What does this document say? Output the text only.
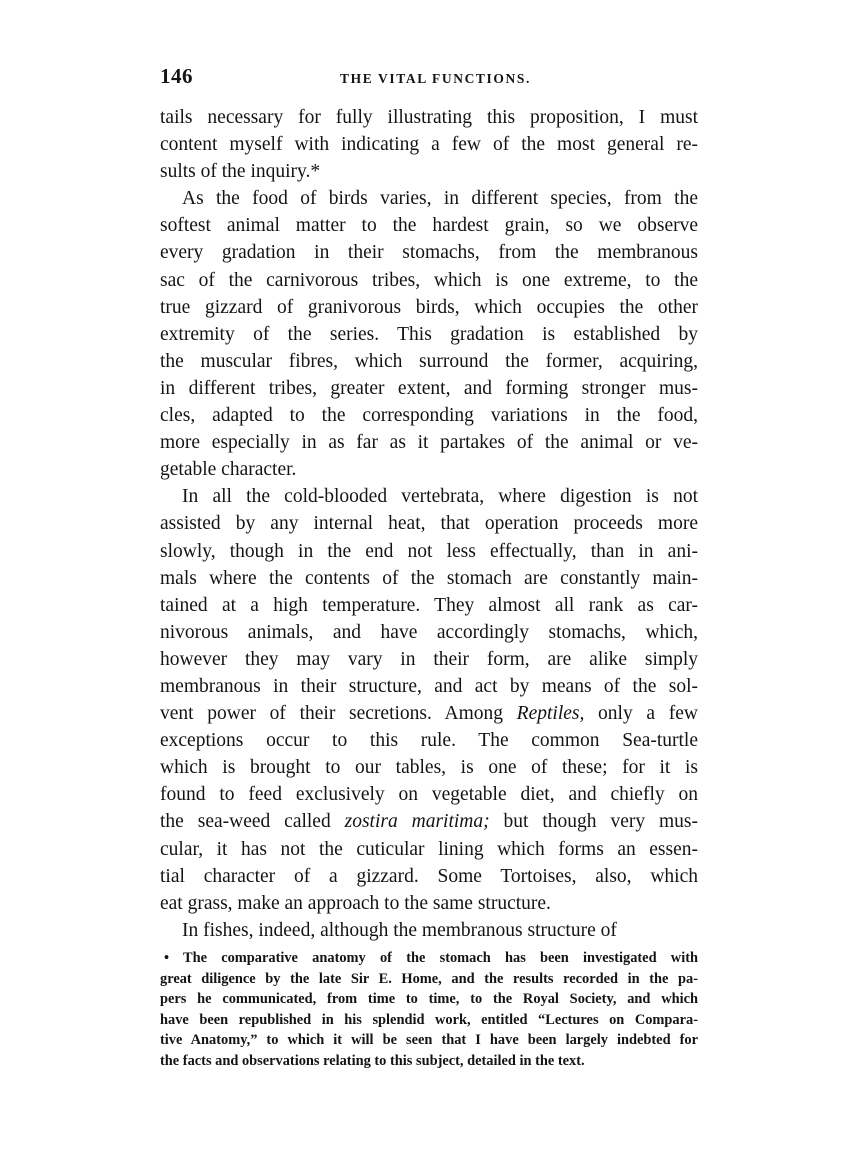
146	THE VITAL FUNCTIONS.
tails necessary for fully illustrating this proposition, I must
content myself with indicating a few of the most general re-
sults of the inquiry.*
As the food of birds varies, in different species, from the
softest animal matter to the hardest grain, so we observe
every gradation in their stomachs, from the membranous
sac of the carnivorous tribes, which is one extreme, to the
true gizzard of granivorous birds, which occupies the other
extremity of the series. This gradation is established by
the muscular fibres, which surround the former, acquiring,
in different tribes, greater extent, and forming stronger mus-
cles, adapted to the corresponding variations in the food,
more especially in as far as it partakes of the animal or ve-
getable character.
In all the cold-blooded vertebrata, where digestion is not
assisted by any internal heat, that operation proceeds more
slowly, though in the end not less effectually, than in ani-
mals where the contents of the stomach are constantly main-
tained at a high temperature. They almost all rank as car-
nivorous animals, and have accordingly stomachs, which,
however they may vary in their form, are alike simply
membranous in their structure, and act by means of the sol-
vent power of their secretions. Among Reptiles, only a few
exceptions occur to this rule. The common Sea-turtle
which is brought to our tables, is one of these; for it is
found to feed exclusively on vegetable diet, and chiefly on
the sea-weed called zostira maritima; but though very mus-
cular, it has not the cuticular lining which forms an essen-
tial character of a gizzard. Some Tortoises, also, which
eat grass, make an approach to the same structure.
In fishes, indeed, although the membranous structure of
• The comparative anatomy of the stomach has been investigated with
great diligence by the late Sir E. Home, and the results recorded in the pa-
pers he communicated, from time to time, to the Royal Society, and which
have been republished in his splendid work, entitled “Lectures on Compara-
tive Anatomy,” to which it will be seen that I have been largely indebted for
the facts and observations relating to this subject, detailed in the text.
